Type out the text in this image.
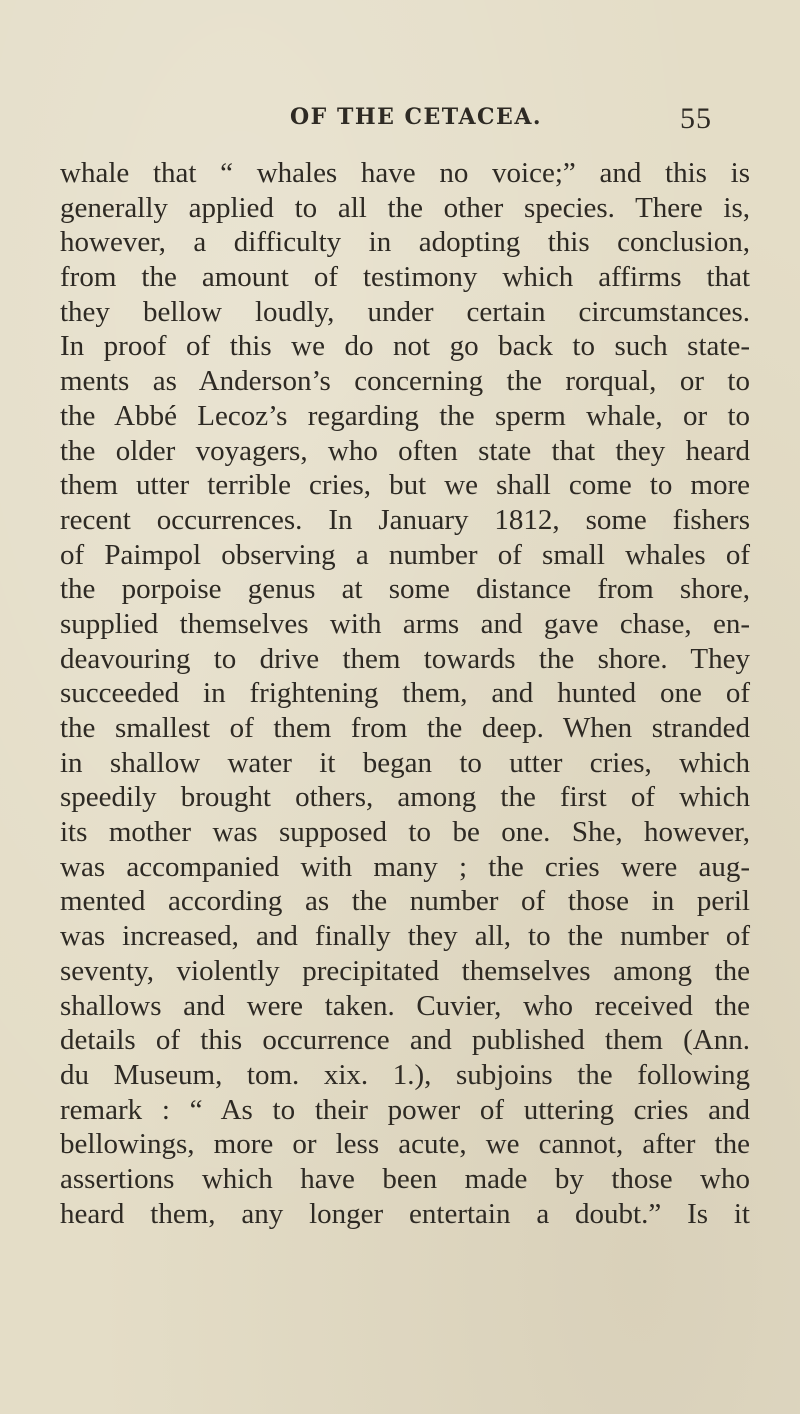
OF THE CETACEA.	55
whale that “ whales have no voice;” and this is
generally applied to all the other species. There is,
however, a difficulty in adopting this conclusion,
from the amount of testimony which affirms that
they bellow loudly, under certain circumstances.
In proof of this we do not go back to such state-
ments as Anderson’s concerning the rorqual, or to
the Abbé Lecoz’s regarding the sperm whale, or to
the older voyagers, who often state that they heard
them utter terrible cries, but we shall come to more
recent occurrences. In January 1812, some fishers
of Paimpol observing a number of small whales of
the porpoise genus at some distance from shore,
supplied themselves with arms and gave chase, en-
deavouring to drive them towards the shore. They
succeeded in frightening them, and hunted one of
the smallest of them from the deep. When stranded
in shallow water it began to utter cries, which
speedily brought others, among the first of which
its mother was supposed to be one. She, however,
was accompanied with many ; the cries were aug-
mented according as the number of those in peril
was increased, and finally they all, to the number of
seventy, violently precipitated themselves among the
shallows and were taken. Cuvier, who received the
details of this occurrence and published them (Ann.
du Museum, tom. xix. 1.), subjoins the following
remark : “ As to their power of uttering cries and
bellowings, more or less acute, we cannot, after the
assertions which have been made by those who
heard them, any longer entertain a doubt.” Is it
